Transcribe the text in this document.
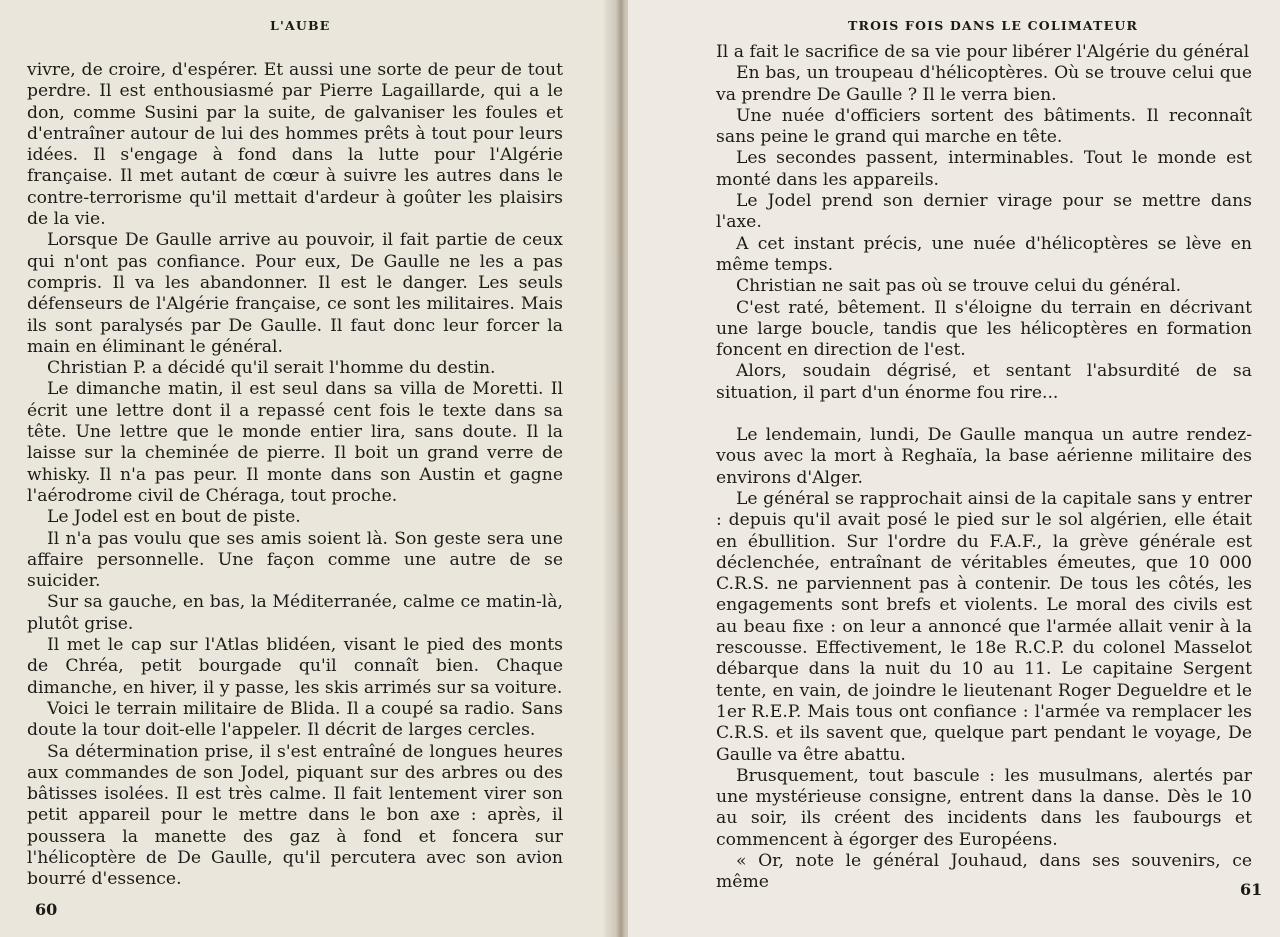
L'AUBE

vivre, de croire, d'espérer. Et aussi une sorte de peur de tout perdre. Il est enthousiasmé par Pierre Lagaillarde, qui a le don, comme Susini par la suite, de galvaniser les foules et d'entraîner autour de lui des hommes prêts à tout pour leurs idées. Il s'engage à fond dans la lutte pour l'Algérie française. Il met autant de cœur à suivre les autres dans le contre-terrorisme qu'il mettait d'ardeur à goûter les plaisirs de la vie.

Lorsque De Gaulle arrive au pouvoir, il fait partie de ceux qui n'ont pas confiance. Pour eux, De Gaulle ne les a pas compris. Il va les abandonner. Il est le danger. Les seuls défenseurs de l'Algérie française, ce sont les militaires. Mais ils sont paralysés par De Gaulle. Il faut donc leur forcer la main en éliminant le général.

Christian P. a décidé qu'il serait l'homme du destin.

Le dimanche matin, il est seul dans sa villa de Moretti. Il écrit une lettre dont il a repassé cent fois le texte dans sa tête. Une lettre que le monde entier lira, sans doute. Il la laisse sur la cheminée de pierre. Il boit un grand verre de whisky. Il n'a pas peur. Il monte dans son Austin et gagne l'aérodrome civil de Chéraga, tout proche.

Le Jodel est en bout de piste.

Il n'a pas voulu que ses amis soient là. Son geste sera une affaire personnelle. Une façon comme une autre de se suicider.

Sur sa gauche, en bas, la Méditerranée, calme ce matin-là, plutôt grise.

Il met le cap sur l'Atlas blidéen, visant le pied des monts de Chréa, petit bourgade qu'il connaît bien. Chaque dimanche, en hiver, il y passe, les skis arrimés sur sa voiture.

Voici le terrain militaire de Blida. Il a coupé sa radio. Sans doute la tour doit-elle l'appeler. Il décrit de larges cercles.

Sa détermination prise, il s'est entraîné de longues heures aux commandes de son Jodel, piquant sur des arbres ou des bâtisses isolées. Il est très calme. Il fait lentement virer son petit appareil pour le mettre dans le bon axe : après, il poussera la manette des gaz à fond et foncera sur l'hélicoptère de De Gaulle, qu'il percutera avec son avion bourré d'essence.

60
TROIS FOIS DANS LE COLIMATEUR

Il a fait le sacrifice de sa vie pour libérer l'Algérie du général

En bas, un troupeau d'hélicoptères. Où se trouve celui que va prendre De Gaulle ? Il le verra bien.

Une nuée d'officiers sortent des bâtiments. Il reconnaît sans peine le grand qui marche en tête.

Les secondes passent, interminables. Tout le monde est monté dans les appareils.

Le Jodel prend son dernier virage pour se mettre dans l'axe.

A cet instant précis, une nuée d'hélicoptères se lève en même temps.

Christian ne sait pas où se trouve celui du général.

C'est raté, bêtement. Il s'éloigne du terrain en décrivant une large boucle, tandis que les hélicoptères en formation foncent en direction de l'est.

Alors, soudain dégrisé, et sentant l'absurdité de sa situation, il part d'un énorme fou rire...

Le lendemain, lundi, De Gaulle manqua un autre rendez-vous avec la mort à Reghaïa, la base aérienne militaire des environs d'Alger.

Le général se rapprochait ainsi de la capitale sans y entrer : depuis qu'il avait posé le pied sur le sol algérien, elle était en ébullition. Sur l'ordre du F.A.F., la grève générale est déclenchée, entraînant de véritables émeutes, que 10 000 C.R.S. ne parviennent pas à contenir. De tous les côtés, les engagements sont brefs et violents. Le moral des civils est au beau fixe : on leur a annoncé que l'armée allait venir à la rescousse. Effectivement, le 18e R.C.P. du colonel Masselot débarque dans la nuit du 10 au 11. Le capitaine Sergent tente, en vain, de joindre le lieutenant Roger Degueldre et le 1er R.E.P. Mais tous ont confiance : l'armée va remplacer les C.R.S. et ils savent que, quelque part pendant le voyage, De Gaulle va être abattu.

Brusquement, tout bascule : les musulmans, alertés par une mystérieuse consigne, entrent dans la danse. Dès le 10 au soir, ils créent des incidents dans les faubourgs et commencent à égorger des Européens.

« Or, note le général Jouhaud, dans ses souvenirs, ce même	61
